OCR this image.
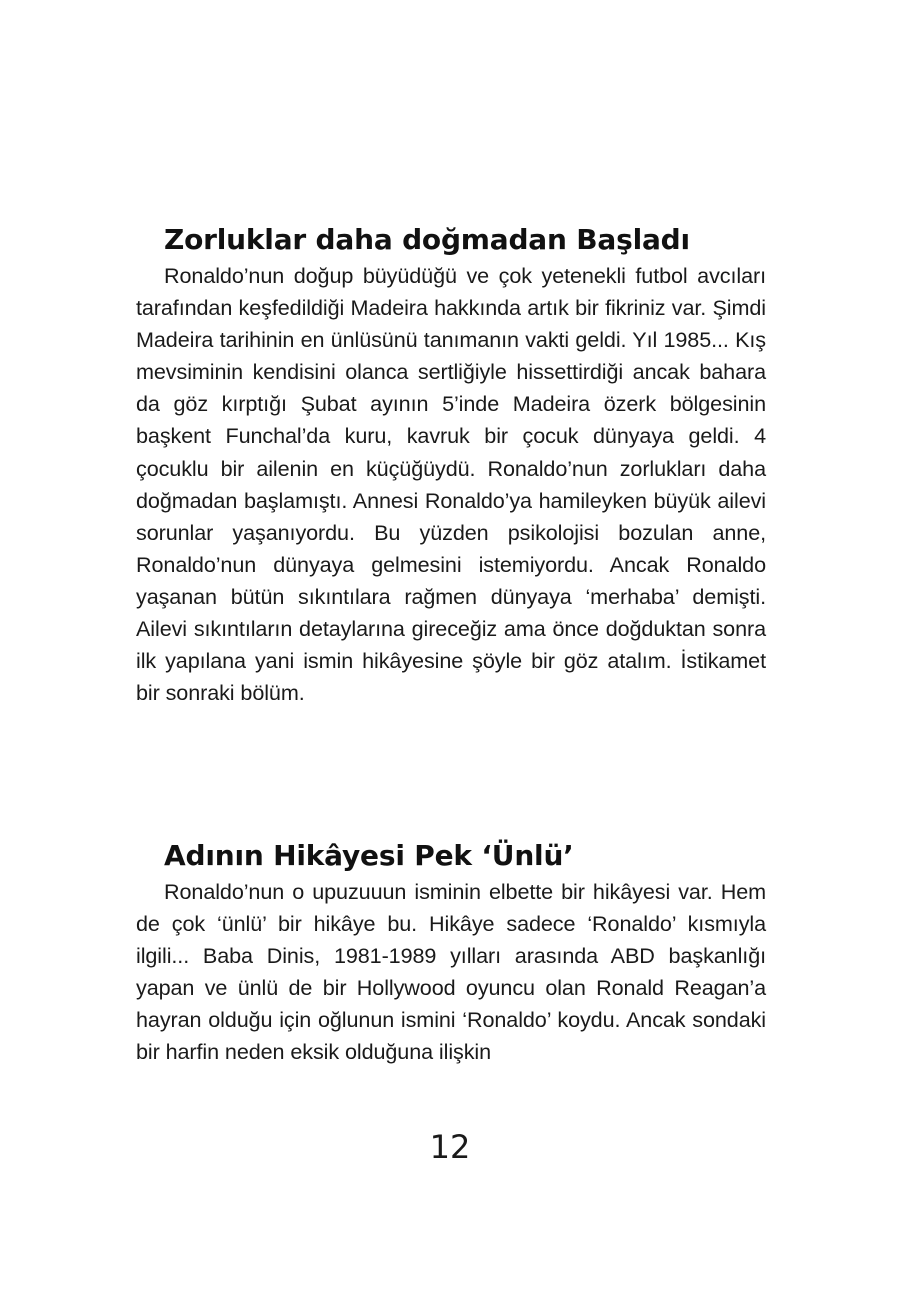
Zorluklar daha doğmadan Başladı

Ronaldo’nun doğup büyüdüğü ve çok yetenekli futbol avcıları tarafından keşfedildiği Madeira hakkında artık bir fikriniz var. Şimdi Madeira tarihinin en ünlüsünü tanımanın vakti geldi. Yıl 1985... Kış mevsiminin kendisini olanca sertliğiyle hissettirdiği ancak bahara da göz kırptığı Şubat ayının 5’inde Madeira özerk bölgesinin başkent Funchal’da kuru, kavruk bir çocuk dünyaya geldi. 4 çocuklu bir ailenin en küçüğüydü. Ronaldo’nun zorlukları daha doğmadan başlamıştı. Annesi Ronaldo’ya hamileyken büyük ailevi sorunlar yaşanıyordu. Bu yüzden psikolojisi bozulan anne, Ronaldo’nun dünyaya gelmesini istemiyordu. Ancak Ronaldo yaşanan bütün sıkıntılara rağmen dünyaya ‘merhaba’ demişti. Ailevi sıkıntıların detaylarına gireceğiz ama önce doğduktan sonra ilk yapılana yani ismin hikâyesine şöyle bir göz atalım. İstikamet bir sonraki bölüm.

Adının Hikâyesi Pek ‘Ünlü’

Ronaldo’nun o upuzuuun isminin elbette bir hikâyesi var. Hem de çok ‘ünlü’ bir hikâye bu. Hikâye sadece ‘Ronaldo’ kısmıyla ilgili... Baba Dinis, 1981-1989 yılları arasında ABD başkanlığı yapan ve ünlü de bir Hollywood oyuncu olan Ronald Reagan’a hayran olduğu için oğlunun ismini ‘Ronaldo’ koydu. Ancak sondaki bir harfin neden eksik olduğuna ilişkin

12
